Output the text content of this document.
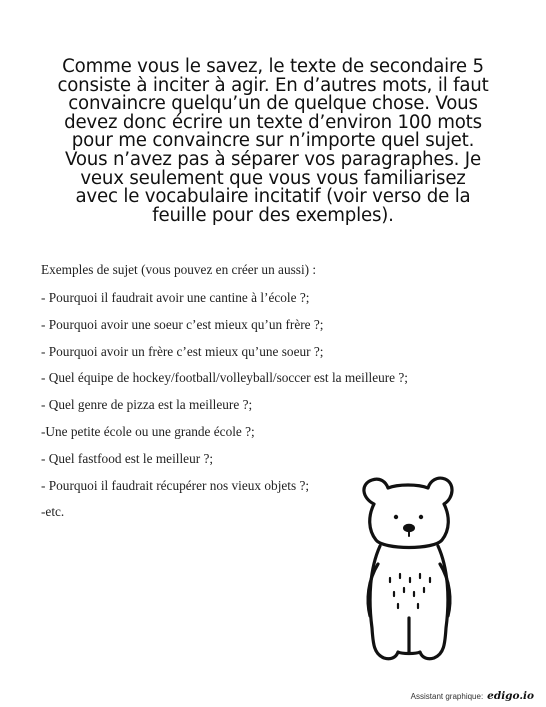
Comme vous le savez, le texte de secondaire 5
consiste à inciter à agir. En d’autres mots, il faut
convaincre quelqu’un de quelque chose. Vous
devez donc écrire un texte d’environ 100 mots
pour me convaincre sur n’importe quel sujet.
Vous n’avez pas à séparer vos paragraphes. Je
veux seulement que vous vous familiarisez
avec le vocabulaire incitatif (voir verso de la
feuille pour des exemples).

Exemples de sujet (vous pouvez en créer un aussi) :

- Pourquoi il faudrait avoir une cantine à l’école ?;
- Pourquoi avoir une soeur c’est mieux qu’un frère ?;
- Pourquoi avoir un frère c’est mieux qu’une soeur ?;
- Quel équipe de hockey/football/volleyball/soccer est la meilleure ?;
- Quel genre de pizza est la meilleure ?;
-Une petite école ou une grande école ?;
- Quel fastfood est le meilleur ?;
- Pourquoi il faudrait récupérer nos vieux objets ?;
-etc.
Assistant graphique: edigo.io
